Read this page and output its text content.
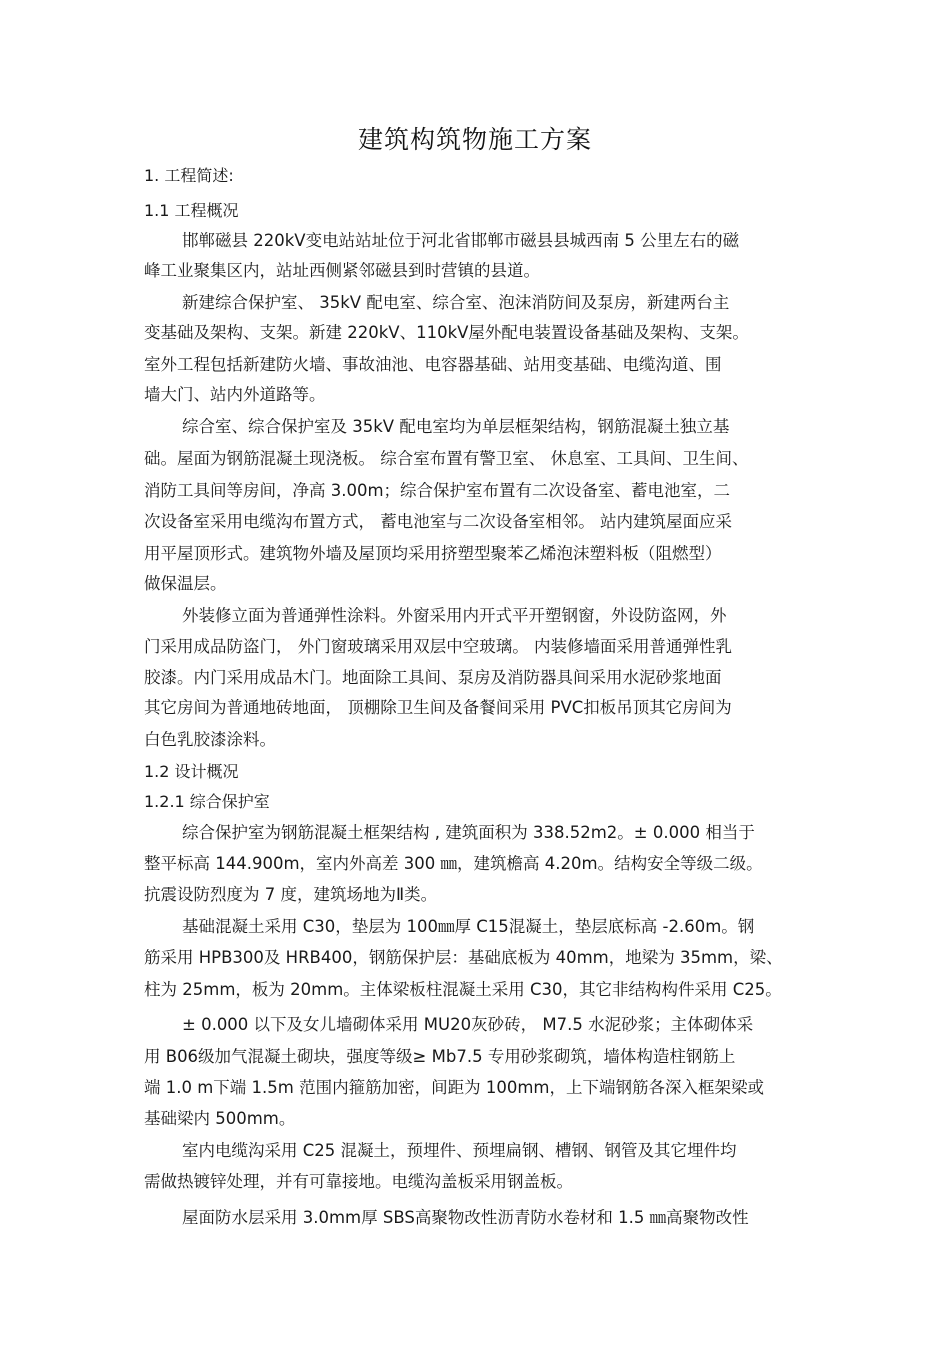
建筑构筑物施工方案
1. 工程简述:
1.1 工程概况
邯郸磁县 220kV变电站站址位于河北省邯郸市磁县县城西南 5 公里左右的磁
峰工业聚集区内，站址西侧紧邻磁县到时营镇的县道。
新建综合保护室、 35kV 配电室、综合室、泡沫消防间及泵房，新建两台主
变基础及架构、支架。新建 220kV、110kV屋外配电装置设备基础及架构、支架。
室外工程包括新建防火墙、事故油池、电容器基础、站用变基础、电缆沟道、围
墙大门、站内外道路等。
综合室、综合保护室及 35kV 配电室均为单层框架结构，钢筋混凝土独立基
础。屋面为钢筋混凝土现浇板。 综合室布置有警卫室、 休息室、工具间、卫生间、
消防工具间等房间，净高 3.00m；综合保护室布置有二次设备室、蓄电池室，二
次设备室采用电缆沟布置方式， 蓄电池室与二次设备室相邻。 站内建筑屋面应采
用平屋顶形式。建筑物外墙及屋顶均采用挤塑型聚苯乙烯泡沫塑料板（阻燃型）
做保温层。
外装修立面为普通弹性涂料。外窗采用内开式平开塑钢窗，外设防盗网，外
门采用成品防盗门， 外门窗玻璃采用双层中空玻璃。 内装修墙面采用普通弹性乳
胶漆。内门采用成品木门。地面除工具间、泵房及消防器具间采用水泥砂浆地面
其它房间为普通地砖地面， 顶棚除卫生间及备餐间采用 PVC扣板吊顶其它房间为
白色乳胶漆涂料。
1.2 设计概况
1.2.1 综合保护室
综合保护室为钢筋混凝土框架结构 , 建筑面积为 338.52m2。± 0.000 相当于
整平标高 144.900m，室内外高差 300 ㎜，建筑檐高 4.20m。结构安全等级二级。
抗震设防烈度为 7 度，建筑场地为Ⅱ类。
基础混凝土采用 C30，垫层为 100㎜厚 C15混凝土，垫层底标高 -2.60m。钢
筋采用 HPB300及 HRB400，钢筋保护层：基础底板为 40mm，地梁为 35mm，梁、
柱为 25mm，板为 20mm。主体梁板柱混凝土采用 C30，其它非结构构件采用 C25。
± 0.000 以下及女儿墙砌体采用 MU20灰砂砖， M7.5 水泥砂浆；主体砌体采
用 B06级加气混凝土砌块，强度等级≥ Mb7.5 专用砂浆砌筑，墙体构造柱钢筋上
端 1.0 m下端 1.5m 范围内箍筋加密，间距为 100mm，上下端钢筋各深入框架梁或
基础梁内 500mm。
室内电缆沟采用 C25 混凝土，预埋件、预埋扁钢、槽钢、钢管及其它埋件均
需做热镀锌处理，并有可靠接地。电缆沟盖板采用钢盖板。
屋面防水层采用 3.0mm厚 SBS高聚物改性沥青防水卷材和 1.5 ㎜高聚物改性
